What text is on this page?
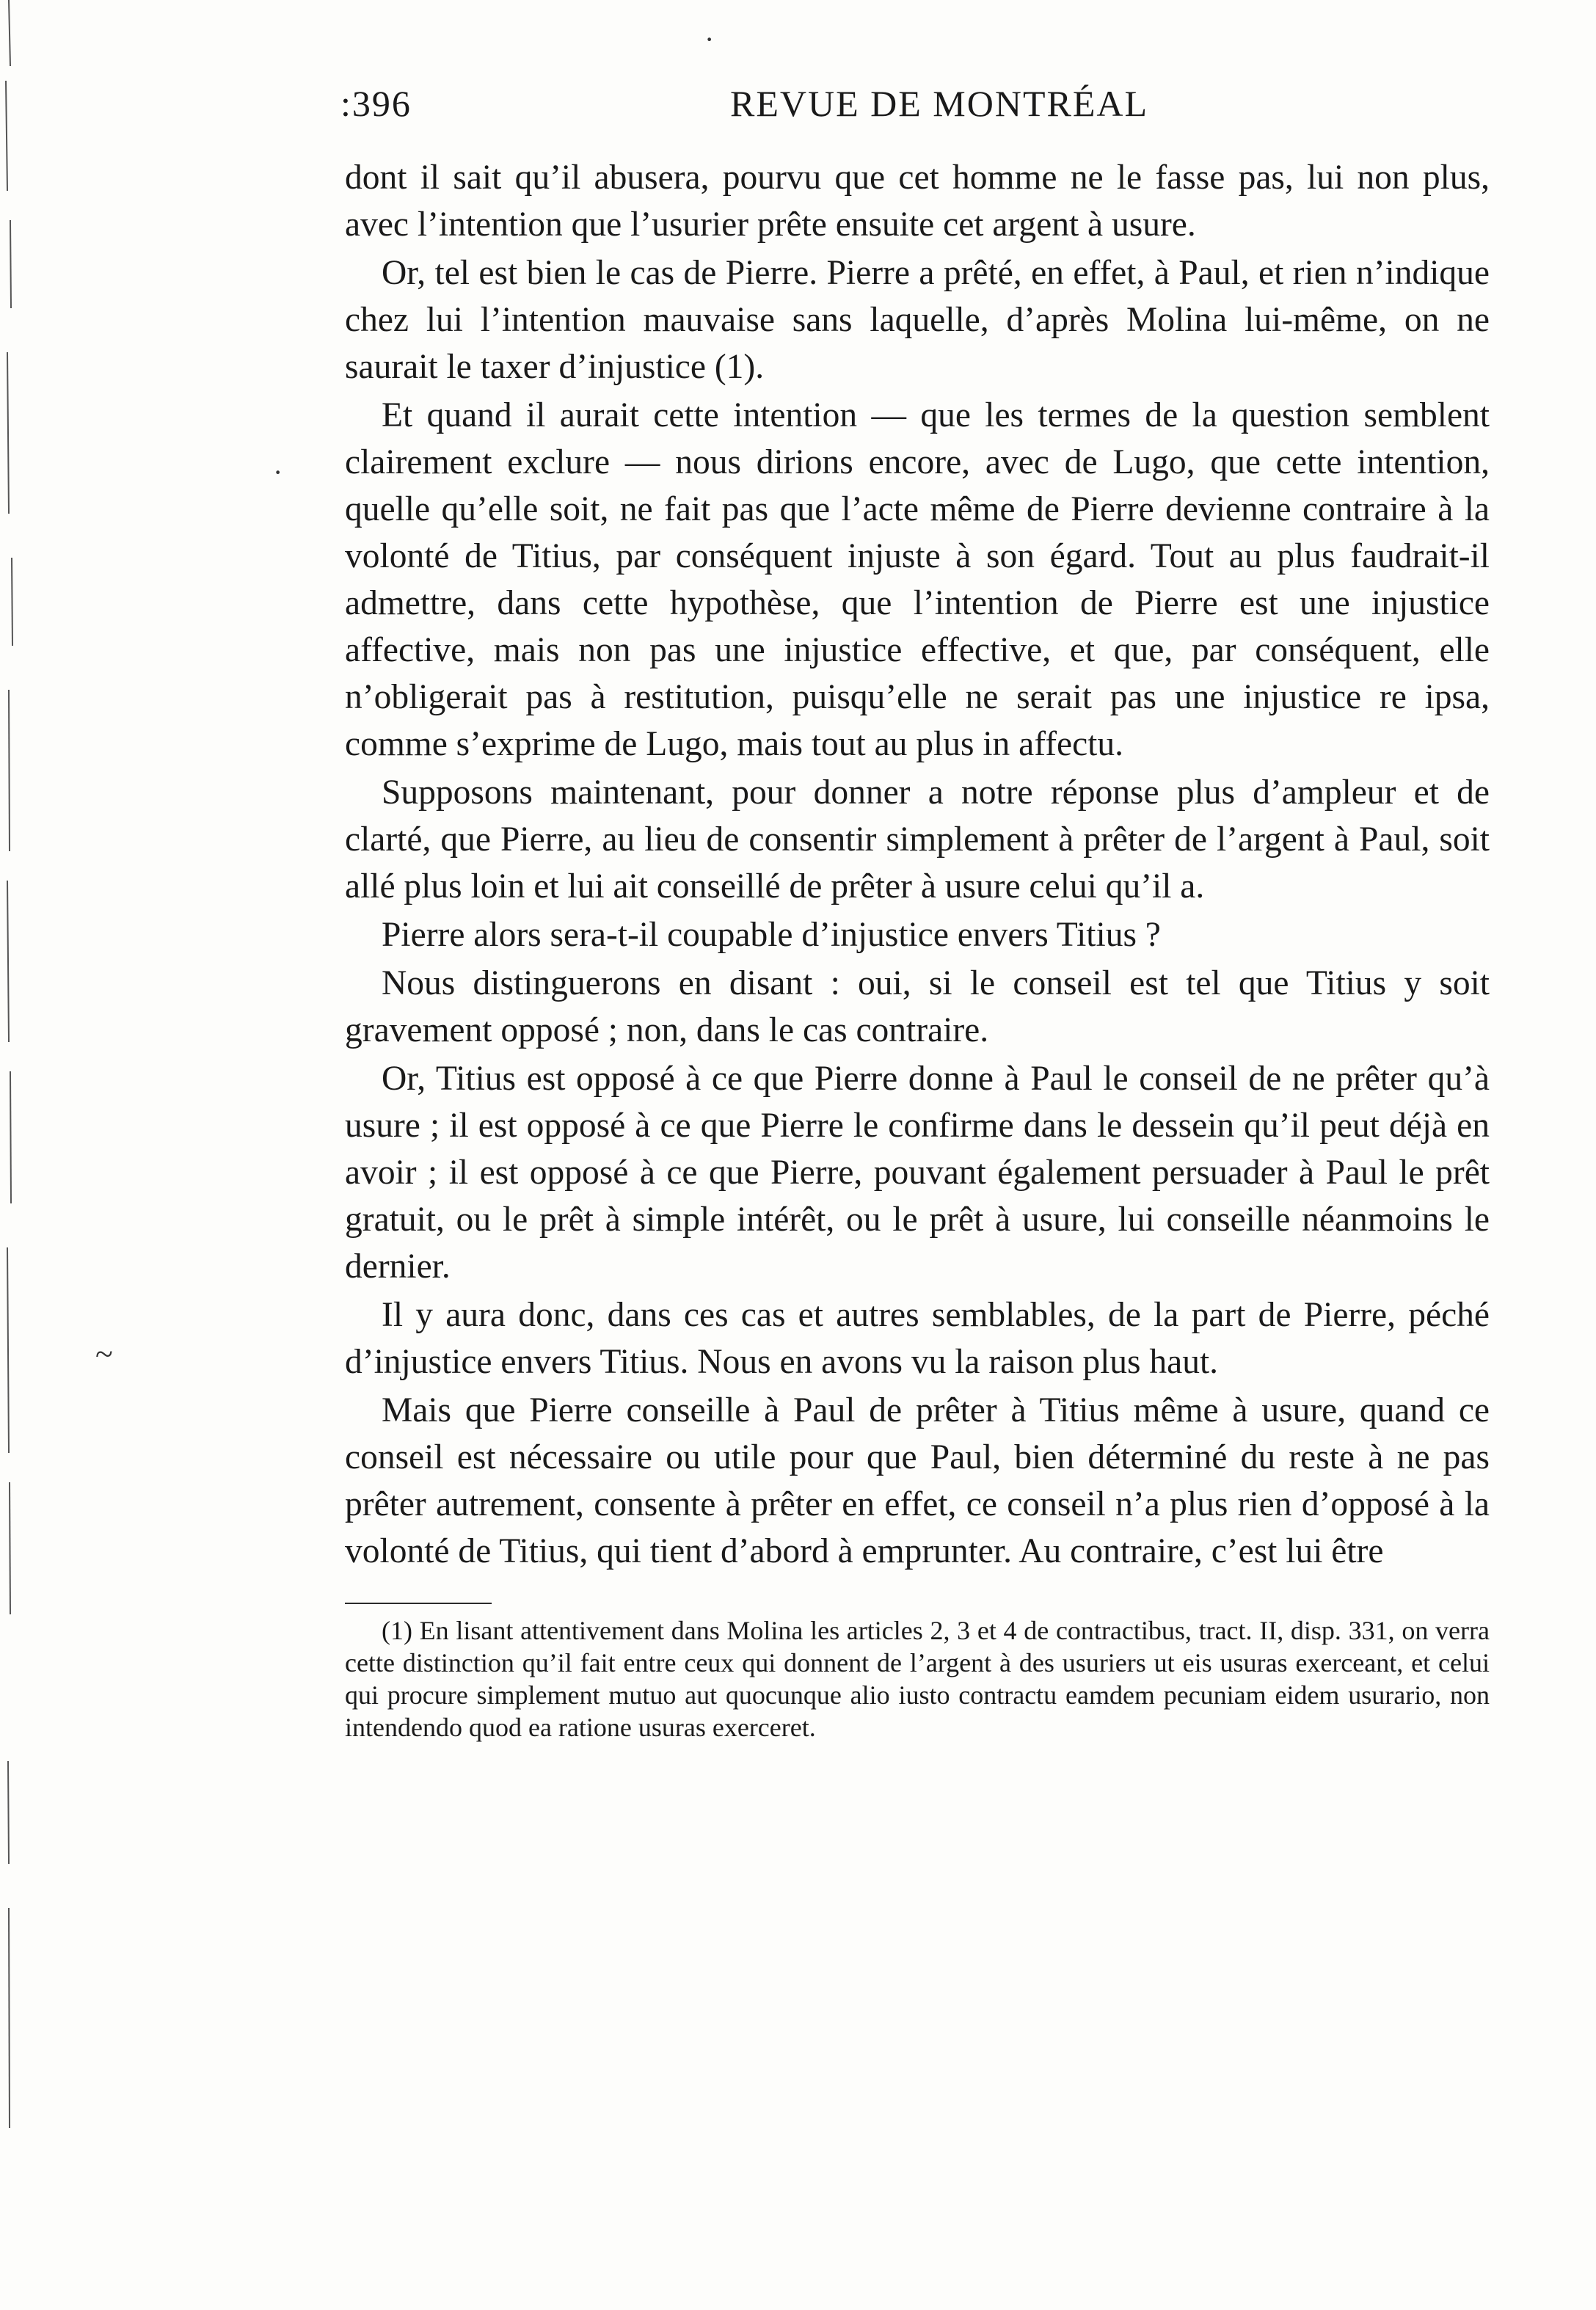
·
·
~
:396	REVUE DE MONTRÉAL

dont il sait qu’il abusera, pourvu que cet homme ne le fasse pas, lui non plus, avec l’intention que l’usurier prête ensuite cet argent à usure.

Or, tel est bien le cas de Pierre. Pierre a prêté, en effet, à Paul, et rien n’indique chez lui l’intention mauvaise sans laquelle, d’après Molina lui-même, on ne saurait le taxer d’injustice (1).

Et quand il aurait cette intention — que les termes de la question semblent clairement exclure — nous dirions encore, avec de Lugo, que cette intention, quelle qu’elle soit, ne fait pas que l’acte même de Pierre devienne contraire à la volonté de Titius, par conséquent injuste à son égard. Tout au plus faudrait-il admettre, dans cette hypothèse, que l’intention de Pierre est une injustice affective, mais non pas une injustice effective, et que, par conséquent, elle n’obligerait pas à restitution, puisqu’elle ne serait pas une injustice re ipsa, comme s’exprime de Lugo, mais tout au plus in affectu.

Supposons maintenant, pour donner a notre réponse plus d’ampleur et de clarté, que Pierre, au lieu de consentir simplement à prêter de l’argent à Paul, soit allé plus loin et lui ait conseillé de prêter à usure celui qu’il a.

Pierre alors sera-t-il coupable d’injustice envers Titius ?

Nous distinguerons en disant : oui, si le conseil est tel que Titius y soit gravement opposé ; non, dans le cas contraire.

Or, Titius est opposé à ce que Pierre donne à Paul le conseil de ne prêter qu’à usure ; il est opposé à ce que Pierre le confirme dans le dessein qu’il peut déjà en avoir ; il est opposé à ce que Pierre, pouvant également persuader à Paul le prêt gratuit, ou le prêt à simple intérêt, ou le prêt à usure, lui conseille néanmoins le dernier.

Il y aura donc, dans ces cas et autres semblables, de la part de Pierre, péché d’injustice envers Titius. Nous en avons vu la raison plus haut.

Mais que Pierre conseille à Paul de prêter à Titius même à usure, quand ce conseil est nécessaire ou utile pour que Paul, bien déterminé du reste à ne pas prêter autrement, consente à prêter en effet, ce conseil n’a plus rien d’opposé à la volonté de Titius, qui tient d’abord à emprunter. Au contraire, c’est lui être

(1) En lisant attentivement dans Molina les articles 2, 3 et 4 de contractibus, tract. II, disp. 331, on verra cette distinction qu’il fait entre ceux qui donnent de l’argent à des usuriers ut eis usuras exerceant, et celui qui procure simplement mutuo aut quocunque alio iusto contractu eamdem pecuniam eidem usurario, non intendendo quod ea ratione usuras exerceret.
